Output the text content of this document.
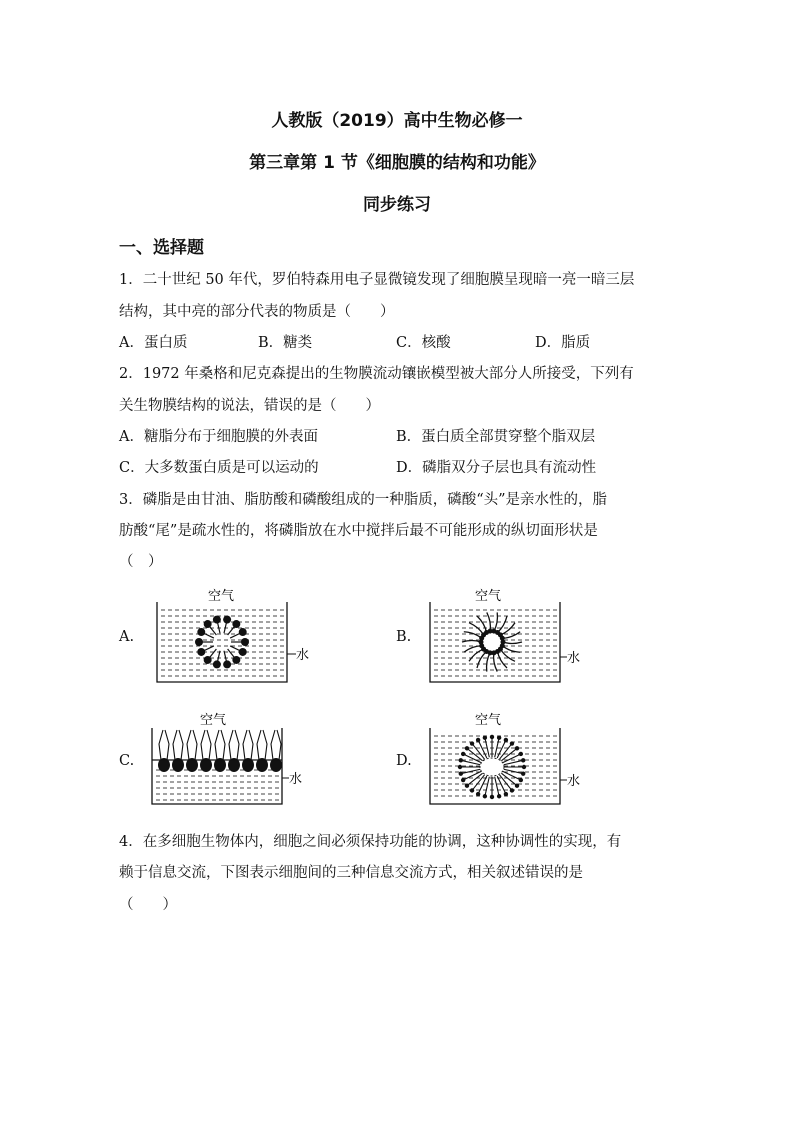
人教版（2019）高中生物必修一
第三章第 1 节《细胞膜的结构和功能》
同步练习
一、选择题
1．二十世纪 50 年代，罗伯特森用电子显微镜发现了细胞膜呈现暗一亮一暗三层
结构，其中亮的部分代表的物质是（　　）
A．蛋白质	B．糖类	C．核酸	D．脂质
2．1972 年桑格和尼克森提出的生物膜流动镶嵌模型被大部分人所接受，下列有
关生物膜结构的说法，错误的是（　　）
A．糖脂分布于细胞膜的外表面	B．蛋白质全部贯穿整个脂双层
C．大多数蛋白质是可以运动的	D．磷脂双分子层也具有流动性
3．磷脂是由甘油、脂肪酸和磷酸组成的一种脂质，磷酸“头”是亲水性的，脂
肪酸“尾”是疏水性的，将磷脂放在水中搅拌后最不可能形成的纵切面形状是
（　）
A.	B.
C.	D.
空气
水
空气
水
空气
水
空气
水
4．在多细胞生物体内，细胞之间必须保持功能的协调，这种协调性的实现，有
赖于信息交流，下图表示细胞间的三种信息交流方式，相关叙述错误的是
（　　）
